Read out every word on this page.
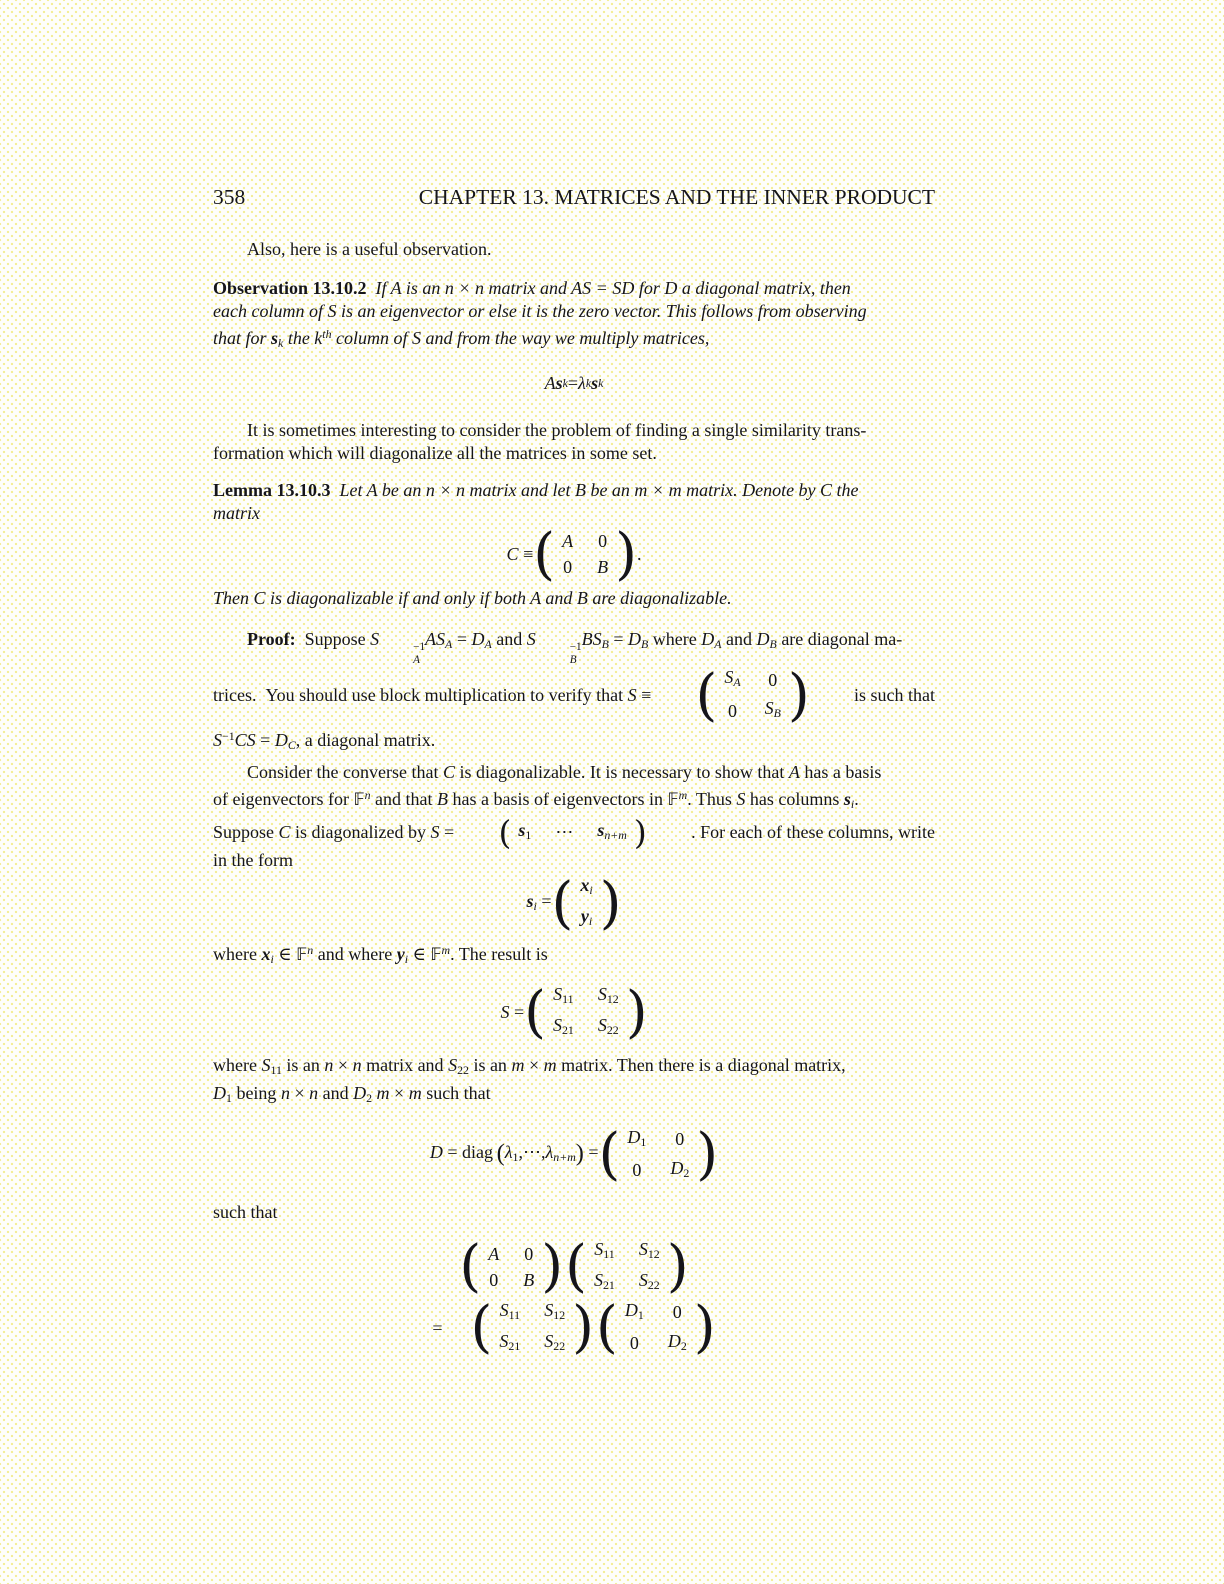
358	CHAPTER 13. MATRICES AND THE INNER PRODUCT

Also, here is a useful observation.

Observation 13.10.2 If A is an n × n matrix and AS = SD for D a diagonal matrix, then
each column of S is an eigenvector or else it is the zero vector. This follows from observing
that for sk the $k^{th}$ column of S and from the way we multiply matrices,

A s k = λ k s k

It is sometimes interesting to consider the problem of finding a single similarity trans-
formation which will diagonalize all the matrices in some set.

Lemma 13.10.3 Let A be an n × n matrix and let B be an m × m matrix. Denote by C the
matrix

C ≡ ( A 0
0 B ) .

Then C is diagonalizable if and only if both A and B are diagonalizable.

Proof: Suppose S	−1
A
ASA = DA and S	−1
B
BSB = DB where DA and DB are diagonal ma-

trices. You should use block multiplication to verify that S ≡ ( SA 0
0 SB ) is such that

$S^{-1}CS$ = DC, a diagonal matrix.

Consider the converse that C is diagonalizable. It is necessary to show that A has a basis
of eigenvectors for 𝔽$^n$ and that B has a basis of eigenvectors in 𝔽$^m$. Thus S has columns si.

Suppose C is diagonalized by S = ( s1 ⋯ sn+m ) . For each of these columns, write

in the form

si = ( xi
yi )

where xi ∈ 𝔽$^n$ and where yi ∈ 𝔽$^m$. The result is

S = ( S11 S12
S21 S22 )

where S11 is an n × n matrix and S22 is an m × m matrix. Then there is a diagonal matrix,
D1 being n × n and D2 m × m such that

D = diag (λ1,⋯,λn+m) = ( D1 0
0 D2 )

such that

( A 0
0 B ) ( S11 S12
S21 S22 )
= ( S11 S12
S21 S22 ) ( D1 0
0 D2 )
